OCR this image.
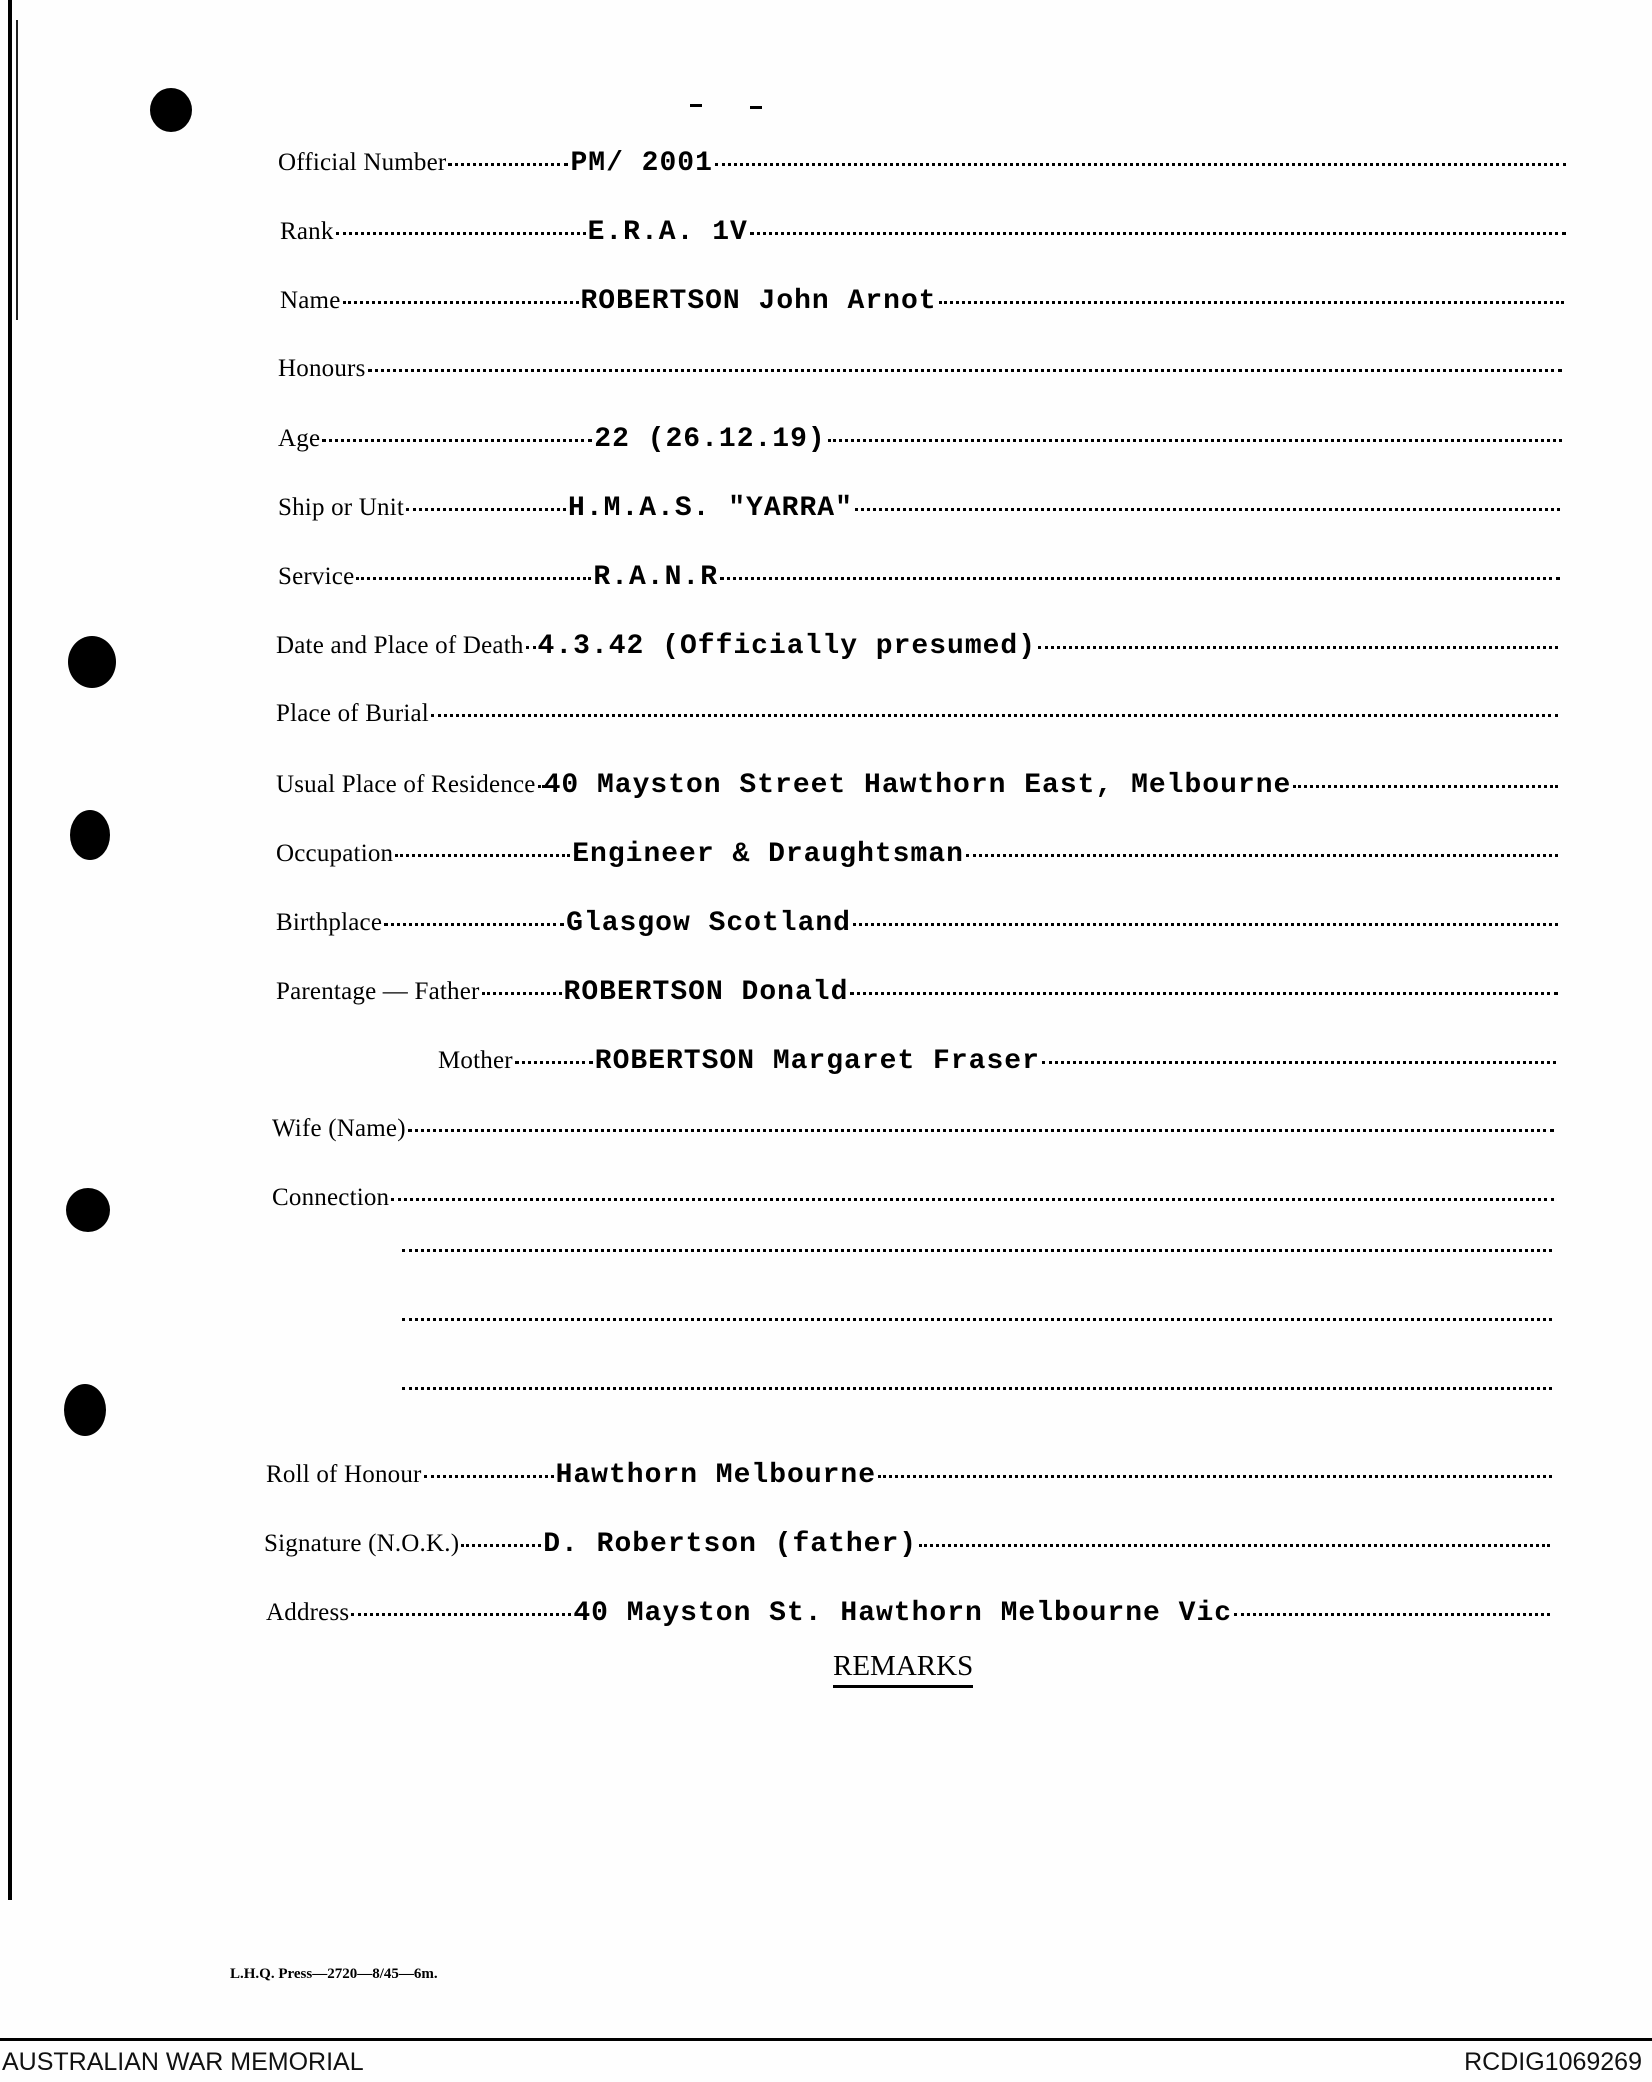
Official Number	PM/ 2001
Rank	E.R.A. 1V
Name	ROBERTSON John Arnot
Honours
Age	22 (26.12.19)
Ship or Unit	H.M.A.S. "YARRA"
Service	R.A.N.R
Date and Place of Death 4.3.42 (Officially presumed)
Place of Burial
Usual Place of Residence 40 Mayston Street Hawthorn East, Melbourne
Occupation	Engineer & Draughtsman
Birthplace	Glasgow Scotland
Parentage — Father	ROBERTSON Donald
Mother	ROBERTSON Margaret Fraser
Wife (Name)
Connection
Roll of Honour	Hawthorn Melbourne
Signature (N.O.K.)	D. Robertson (father)
Address	40 Mayston St. Hawthorn Melbourne Vic
REMARKS
L.H.Q. Press—2720—8/45—6m.
AUSTRALIAN WAR MEMORIAL	RCDIG1069269
